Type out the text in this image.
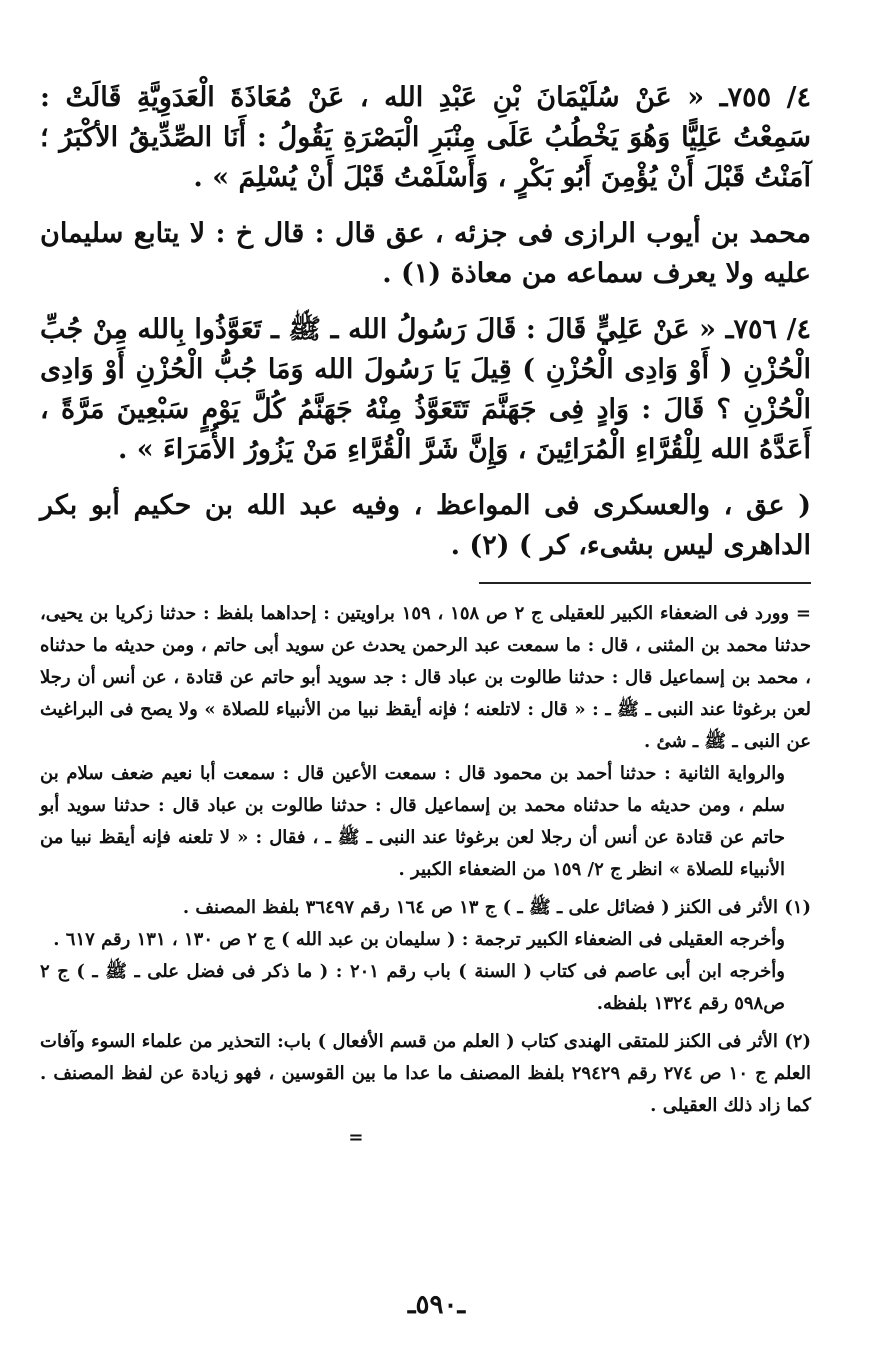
٤/ ٧٥٥ـ « عَنْ سُلَيْمَانَ بْنِ عَبْدِ الله ، عَنْ مُعَاذَةَ الْعَدَوِيَّةِ قَالَتْ : سَمِعْتُ عَلِيًّا وَهُوَ يَخْطُبُ عَلَى مِنْبَرِ الْبَصْرَةِ يَقُولُ : أَنَا الصِّدِّيقُ الأكْبَرُ ؛ آمَنْتُ قَبْلَ أَنْ يُؤْمِنَ أَبُو بَكْرٍ ، وَأَسْلَمْتُ قَبْلَ أَنْ يُسْلِمَ » .

محمد بن أيوب الرازى فى جزئه ، عق قال : قال خ : لا يتابع سليمان عليه ولا يعرف سماعه من معاذة (١) .

٤/ ٧٥٦ـ « عَنْ عَلِيٍّ قَالَ : قَالَ رَسُولُ الله ـ ﷺ ـ تَعَوَّذُوا بِالله مِنْ جُبِّ الْحُزْنِ ( أَوْ وَادِى الْحُزْنِ ) قِيلَ يَا رَسُولَ الله وَمَا جُبُّ الْحُزْنِ أَوْ وَادِى الْحُزْنِ ؟ قَالَ : وَادٍ فِى جَهَنَّمَ تَتَعَوَّذُ مِنْهُ جَهَنَّمُ كُلَّ يَوْمٍ سَبْعِينَ مَرَّةً ، أَعَدَّهُ الله لِلْقُرَّاءِ الْمُرَائِينَ ، وَإِنَّ شَرَّ الْقُرَّاءِ مَنْ يَزُورُ الأُمَرَاءَ » .

( عق ، والعسكرى فى المواعظ ، وفيه عبد الله بن حكيم أبو بكر الداهرى ليس بشىء، كر ) (٢) .

= وورد فى الضعفاء الكبير للعقيلى ج ٢ ص ١٥٨ ، ١٥٩ براويتين : إحداهما بلفظ : حدثنا زكريا بن يحيى، حدثنا محمد بن المثنى ، قال : ما سمعت عبد الرحمن يحدث عن سويد أبى حاتم ، ومن حديثه ما حدثناه ، محمد بن إسماعيل قال : حدثنا طالوت بن عباد قال : جد سويد أبو حاتم عن قتادة ، عن أنس أن رجلا لعن برغوثا عند النبى ـ ﷺ ـ : « قال : لاتلعنه ؛ فإنه أيقظ نبيا من الأنبياء للصلاة » ولا يصح فى البراغيث عن النبى ـ ﷺ ـ شئ .

والرواية الثانية : حدثنا أحمد بن محمود قال : سمعت الأعين قال : سمعت أبا نعيم ضعف سلام بن سلم ، ومن حديثه ما حدثناه محمد بن إسماعيل قال : حدثنا طالوت بن عباد قال : حدثنا سويد أبو حاتم عن قتادة عن أنس أن رجلا لعن برغوثا عند النبى ـ ﷺ ـ ، فقال : « لا تلعنه فإنه أيقظ نبيا من الأنبياء للصلاة » انظر ج ٢/ ١٥٩ من الضعفاء الكبير .

(١) الأثر فى الكنز ( فضائل على ـ ﷺ ـ ) ج ١٣ ص ١٦٤ رقم ٣٦٤٩٧ بلفظ المصنف .

وأخرجه العقيلى فى الضعفاء الكبير ترجمة : ( سليمان بن عبد الله ) ج ٢ ص ١٣٠ ، ١٣١ رقم ٦١٧ .

وأخرجه ابن أبى عاصم فى كتاب ( السنة ) باب رقم ٢٠١ : ( ما ذكر فى فضل على ـ ﷺ ـ ) ج ٢ ص٥٩٨ رقم ١٣٢٤ بلفظه.

(٢) الأثر فى الكنز للمتقى الهندى كتاب ( العلم من قسم الأفعال ) باب: التحذير من علماء السوء وآفات العلم ج ١٠ ص ٢٧٤ رقم ٢٩٤٢٩ بلفظ المصنف ما عدا ما بين القوسين ، فهو زيادة عن لفظ المصنف . كما زاد ذلك العقيلى .

=

ـ٥٩٠ـ
